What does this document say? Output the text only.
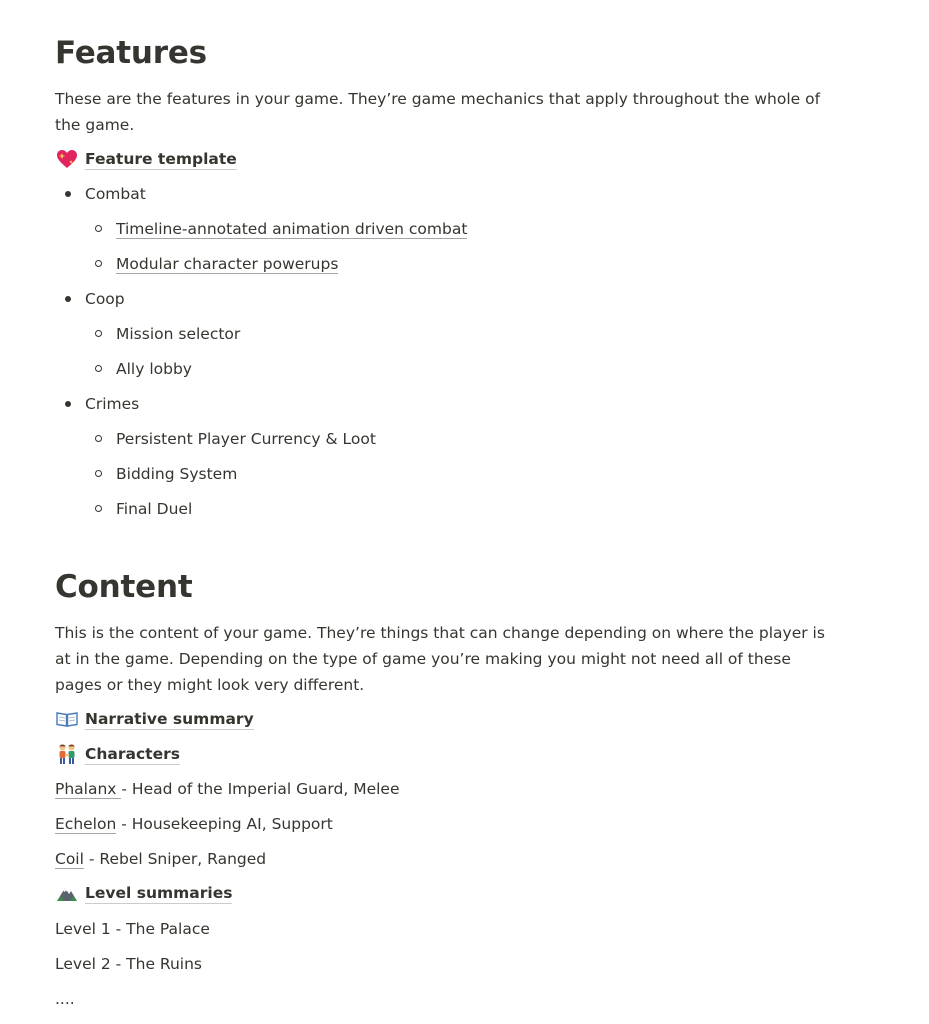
Features

These are the features in your game. They’re game mechanics that apply throughout the whole of the game.

Feature template
Combat
Timeline-annotated animation driven combat
Modular character powerups
Coop
Mission selector
Ally lobby
Crimes
Persistent Player Currency & Loot
Bidding System
Final Duel
Content

This is the content of your game. They’re things that can change depending on where the player is at in the game. Depending on the type of game you’re making you might not need all of these pages or they might look very different.

Narrative summary
Characters
Phalanx - Head of the Imperial Guard, Melee
Echelon - Housekeeping AI, Support
Coil - Rebel Sniper, Ranged
Level summaries
Level 1 - The Palace
Level 2 - The Ruins
....
